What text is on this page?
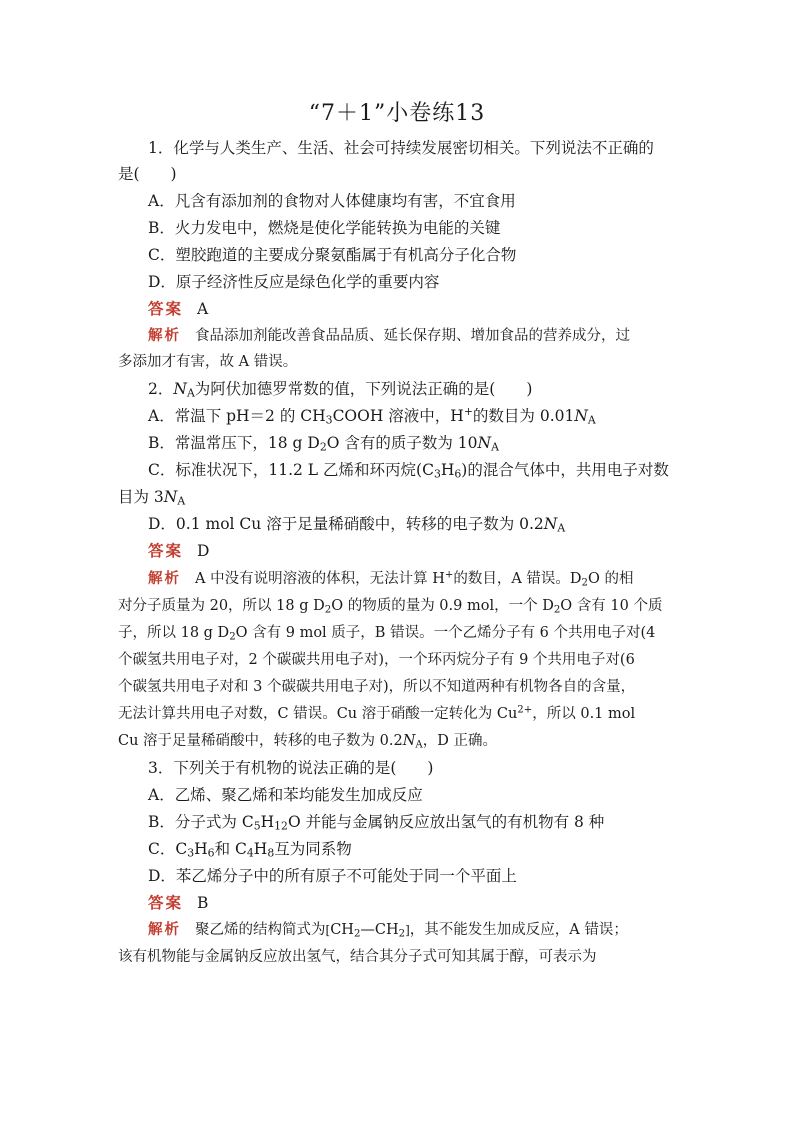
“7＋1”小卷练13
1．化学与人类生产、生活、社会可持续发展密切相关。下列说法不正确的
是(　　)
A．凡含有添加剂的食物对人体健康均有害，不宜食用
B．火力发电中，燃烧是使化学能转换为电能的关键
C．塑胶跑道的主要成分聚氨酯属于有机高分子化合物
D．原子经济性反应是绿色化学的重要内容
答案 A
解析 食品添加剂能改善食品品质、延长保存期、增加食品的营养成分，过
多添加才有害，故 A 错误。
2．$N_A$为阿伏加德罗常数的值，下列说法正确的是(　　)
A．常温下 pH＝2 的 $CH_3COOH$ 溶液中，H+的数目为 $0.01N_A$
B．常温常压下，18 g $D_2O$ 含有的质子数为 $10N_A$
C．标准状况下，11.2 L 乙烯和环丙烷$(C_3H_6)$的混合气体中，共用电子对数
目为 $3N_A$
D．0.1 mol Cu 溶于足量稀硝酸中，转移的电子数为 $0.2N_A$
答案 D
解析 A 中没有说明溶液的体积，无法计算 H+的数目，A 错误。$D_2O$ 的相
对分子质量为 20，所以 18 g $D_2O$ 的物质的量为 0.9 mol，一个 $D_2O$ 含有 10 个质
子，所以 18 g $D_2O$ 含有 9 mol 质子，B 错误。一个乙烯分子有 6 个共用电子对(4
个碳氢共用电子对，2 个碳碳共用电子对)，一个环丙烷分子有 9 个共用电子对(6
个碳氢共用电子对和 3 个碳碳共用电子对)，所以不知道两种有机物各自的含量，
无法计算共用电子对数，C 错误。Cu 溶于硝酸一定转化为 $Cu^{2+}$，所以 0.1 mol
Cu 溶于足量稀硝酸中，转移的电子数为 $0.2N_A$，D 正确。
3．下列关于有机物的说法正确的是(　　)
A．乙烯、聚乙烯和苯均能发生加成反应
B．分子式为 $C_5H_{12}O$ 并能与金属钠反应放出氢气的有机物有 8 种
C．$C_3H_6$和 $C_4H_8$互为同系物
D．苯乙烯分子中的所有原子不可能处于同一个平面上
答案 B
解析 聚乙烯的结构简式为$[CH_2—CH_2]$，其不能发生加成反应，A 错误；
该有机物能与金属钠反应放出氢气，结合其分子式可知其属于醇，可表示为
